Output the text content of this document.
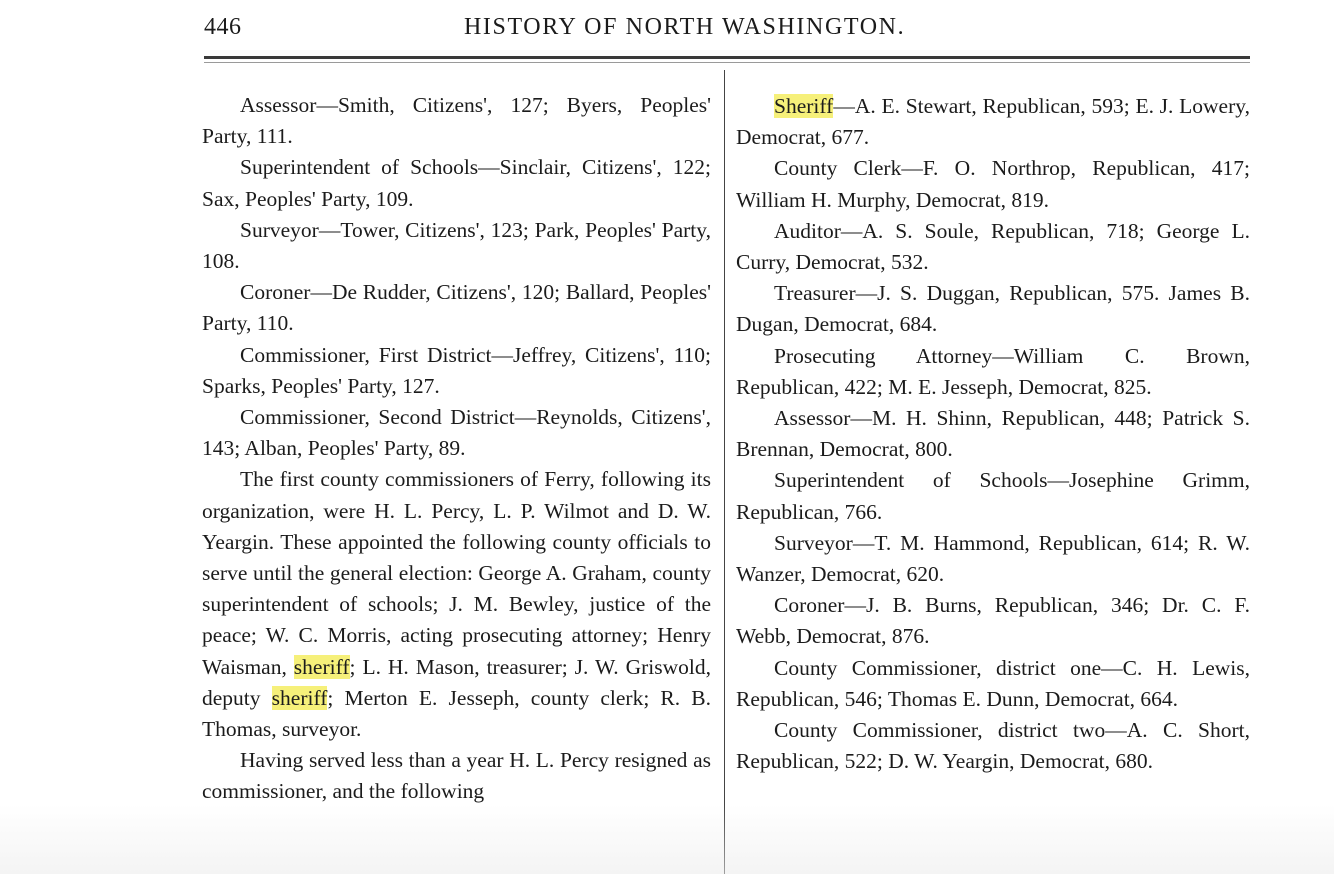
446	HISTORY OF NORTH WASHINGTON.

Assessor—Smith, Citizens', 127; Byers, Peoples' Party, 111.

Superintendent of Schools—Sinclair, Citizens', 122; Sax, Peoples' Party, 109.

Surveyor—Tower, Citizens', 123; Park, Peoples' Party, 108.

Coroner—De Rudder, Citizens', 120; Ballard, Peoples' Party, 110.

Commissioner, First District—Jeffrey, Citizens', 110; Sparks, Peoples' Party, 127.

Commissioner, Second District—Reynolds, Citizens', 143; Alban, Peoples' Party, 89.

The first county commissioners of Ferry, following its organization, were H. L. Percy, L. P. Wilmot and D. W. Yeargin. These appointed the following county officials to serve until the general election: George A. Graham, county superintendent of schools; J. M. Bewley, justice of the peace; W. C. Morris, acting prosecuting attorney; Henry Waisman, sheriff; L. H. Mason, treasurer; J. W. Griswold, deputy sheriff; Merton E. Jesseph, county clerk; R. B. Thomas, surveyor.

Having served less than a year H. L. Percy resigned as commissioner, and the following

Sheriff—A. E. Stewart, Republican, 593; E. J. Lowery, Democrat, 677.

County Clerk—F. O. Northrop, Republican, 417; William H. Murphy, Democrat, 819.

Auditor—A. S. Soule, Republican, 718; George L. Curry, Democrat, 532.

Treasurer—J. S. Duggan, Republican, 575. James B. Dugan, Democrat, 684.

Prosecuting Attorney—William C. Brown, Republican, 422; M. E. Jesseph, Democrat, 825.

Assessor—M. H. Shinn, Republican, 448; Patrick S. Brennan, Democrat, 800.

Superintendent of Schools—Josephine Grimm, Republican, 766.

Surveyor—T. M. Hammond, Republican, 614; R. W. Wanzer, Democrat, 620.

Coroner—J. B. Burns, Republican, 346; Dr. C. F. Webb, Democrat, 876.

County Commissioner, district one—C. H. Lewis, Republican, 546; Thomas E. Dunn, Democrat, 664.

County Commissioner, district two—A. C. Short, Republican, 522; D. W. Yeargin, Democrat, 680.
